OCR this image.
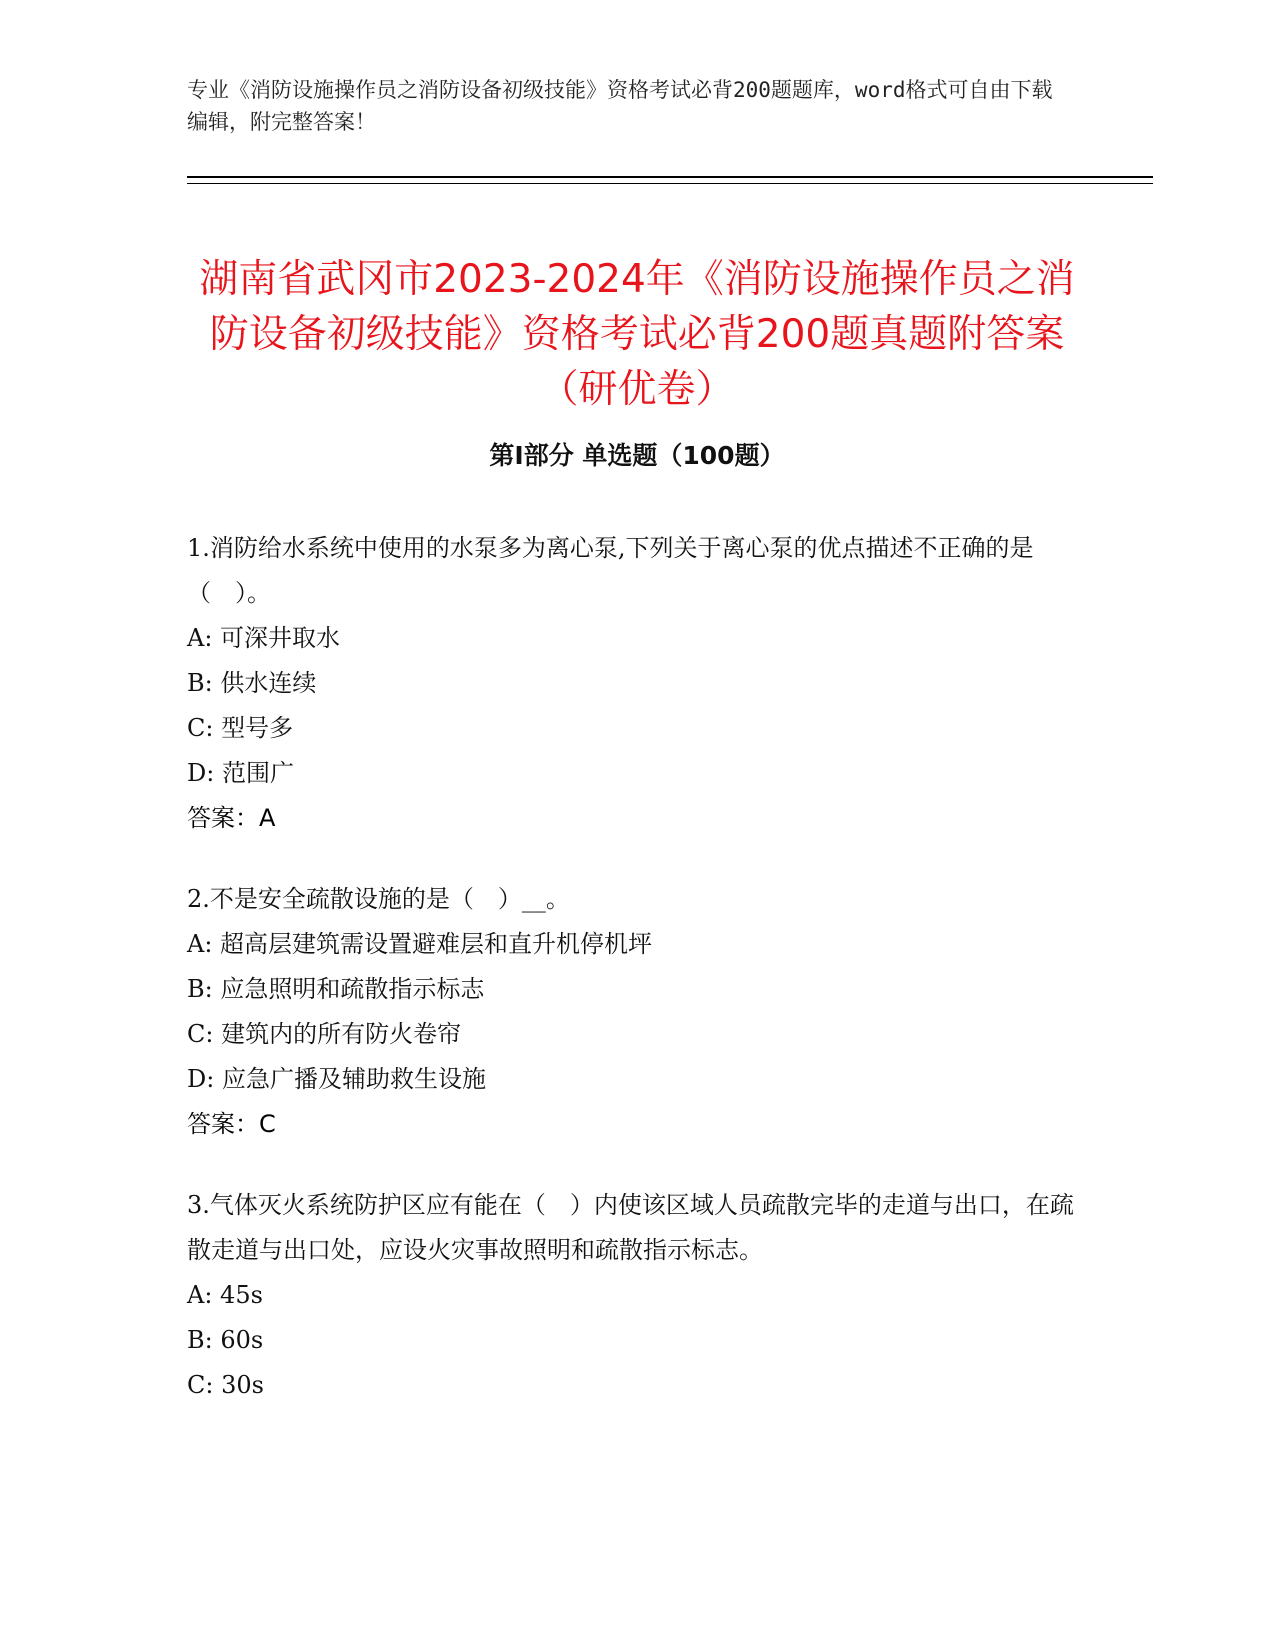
专业《消防设施操作员之消防设备初级技能》资格考试必背200题题库，word格式可自由下载编辑，附完整答案！
湖南省武冈市2023-2024年《消防设施操作员之消防设备初级技能》资格考试必背200题真题附答案（研优卷）
第Ⅰ部分 单选题（100题）
1.消防给水系统中使用的水泵多为离心泵,下列关于离心泵的优点描述不正确的是（　）。
A: 可深井取水
B: 供水连续
C: 型号多
D: 范围广
答案：A
2.不是安全疏散设施的是（　）__。
A: 超高层建筑需设置避难层和直升机停机坪
B: 应急照明和疏散指示标志
C: 建筑内的所有防火卷帘
D: 应急广播及辅助救生设施
答案：C
3.气体灭火系统防护区应有能在（　）内使该区域人员疏散完毕的走道与出口，在疏散走道与出口处，应设火灾事故照明和疏散指示标志。
A: 45s
B: 60s
C: 30s
